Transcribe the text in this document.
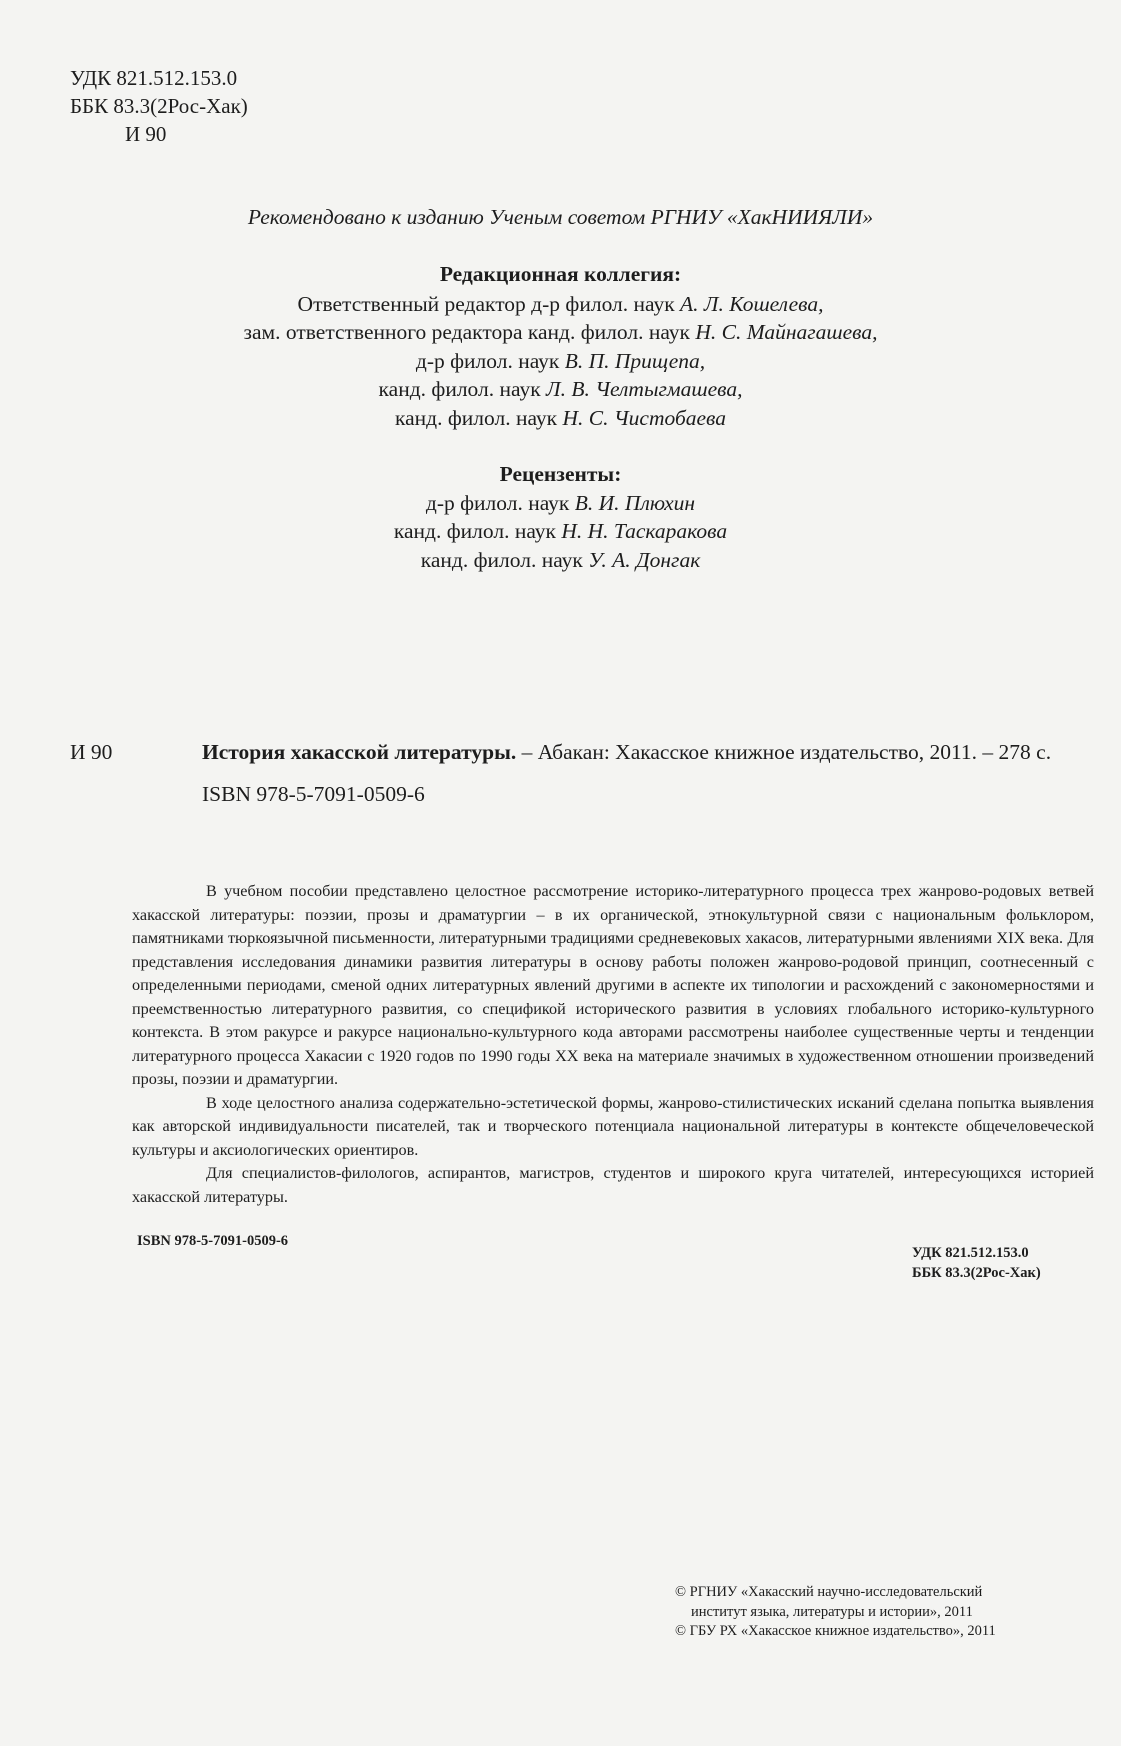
УДК 821.512.153.0
ББК 83.3(2Рос-Хак)
И 90
Рекомендовано к изданию Ученым советом РГНИУ «ХакНИИЯЛИ»
Редакционная коллегия:
Ответственный редактор д-р филол. наук А. Л. Кошелева,
зам. ответственного редактора канд. филол. наук Н. С. Майнагашева,
д-р филол. наук В. П. Прищепа,
канд. филол. наук Л. В. Челтыгмашева,
канд. филол. наук Н. С. Чистобаева
Рецензенты:
д-р филол. наук В. И. Плюхин
канд. филол. наук Н. Н. Таскаракова
канд. филол. наук У. А. Донгак
И 90	История хакасской литературы. – Абакан: Хакасское книжное издательство, 2011. – 278 с.
ISBN 978-5-7091-0509-6

В учебном пособии представлено целостное рассмотрение историко-литературного процесса трех жанрово-родовых ветвей хакасской литературы: поэзии, прозы и драматургии – в их органической, этнокультурной связи с национальным фольклором, памятниками тюркоязычной письменности, литературными традициями средневековых хакасов, литературными явлениями XIX века. Для представления исследования динамики развития литературы в основу работы положен жанрово-родовой принцип, соотнесенный с определенными периодами, сменой одних литературных явлений другими в аспекте их типологии и расхождений с закономерностями и преемственностью литературного развития, со спецификой исторического развития в условиях глобального историко-культурного контекста. В этом ракурсе и ракурсе национально-культурного кода авторами рассмотрены наиболее существенные черты и тенденции литературного процесса Хакасии с 1920 годов по 1990 годы XX века на материале значимых в художественном отношении произведений прозы, поэзии и драматургии.

В ходе целостного анализа содержательно-эстетической формы, жанрово-стилистических исканий сделана попытка выявления как авторской индивидуальности писателей, так и творческого потенциала национальной литературы в контексте общечеловеческой культуры и аксиологических ориентиров.

Для специалистов-филологов, аспирантов, магистров, студентов и широкого круга читателей, интересующихся историей хакасской литературы.

ISBN 978-5-7091-0509-6
УДК 821.512.153.0
ББК 83.3(2Рос-Хак)
© РГНИУ «Хакасский научно-исследовательский
институт языка, литературы и истории», 2011
© ГБУ РХ «Хакасское книжное издательство», 2011
